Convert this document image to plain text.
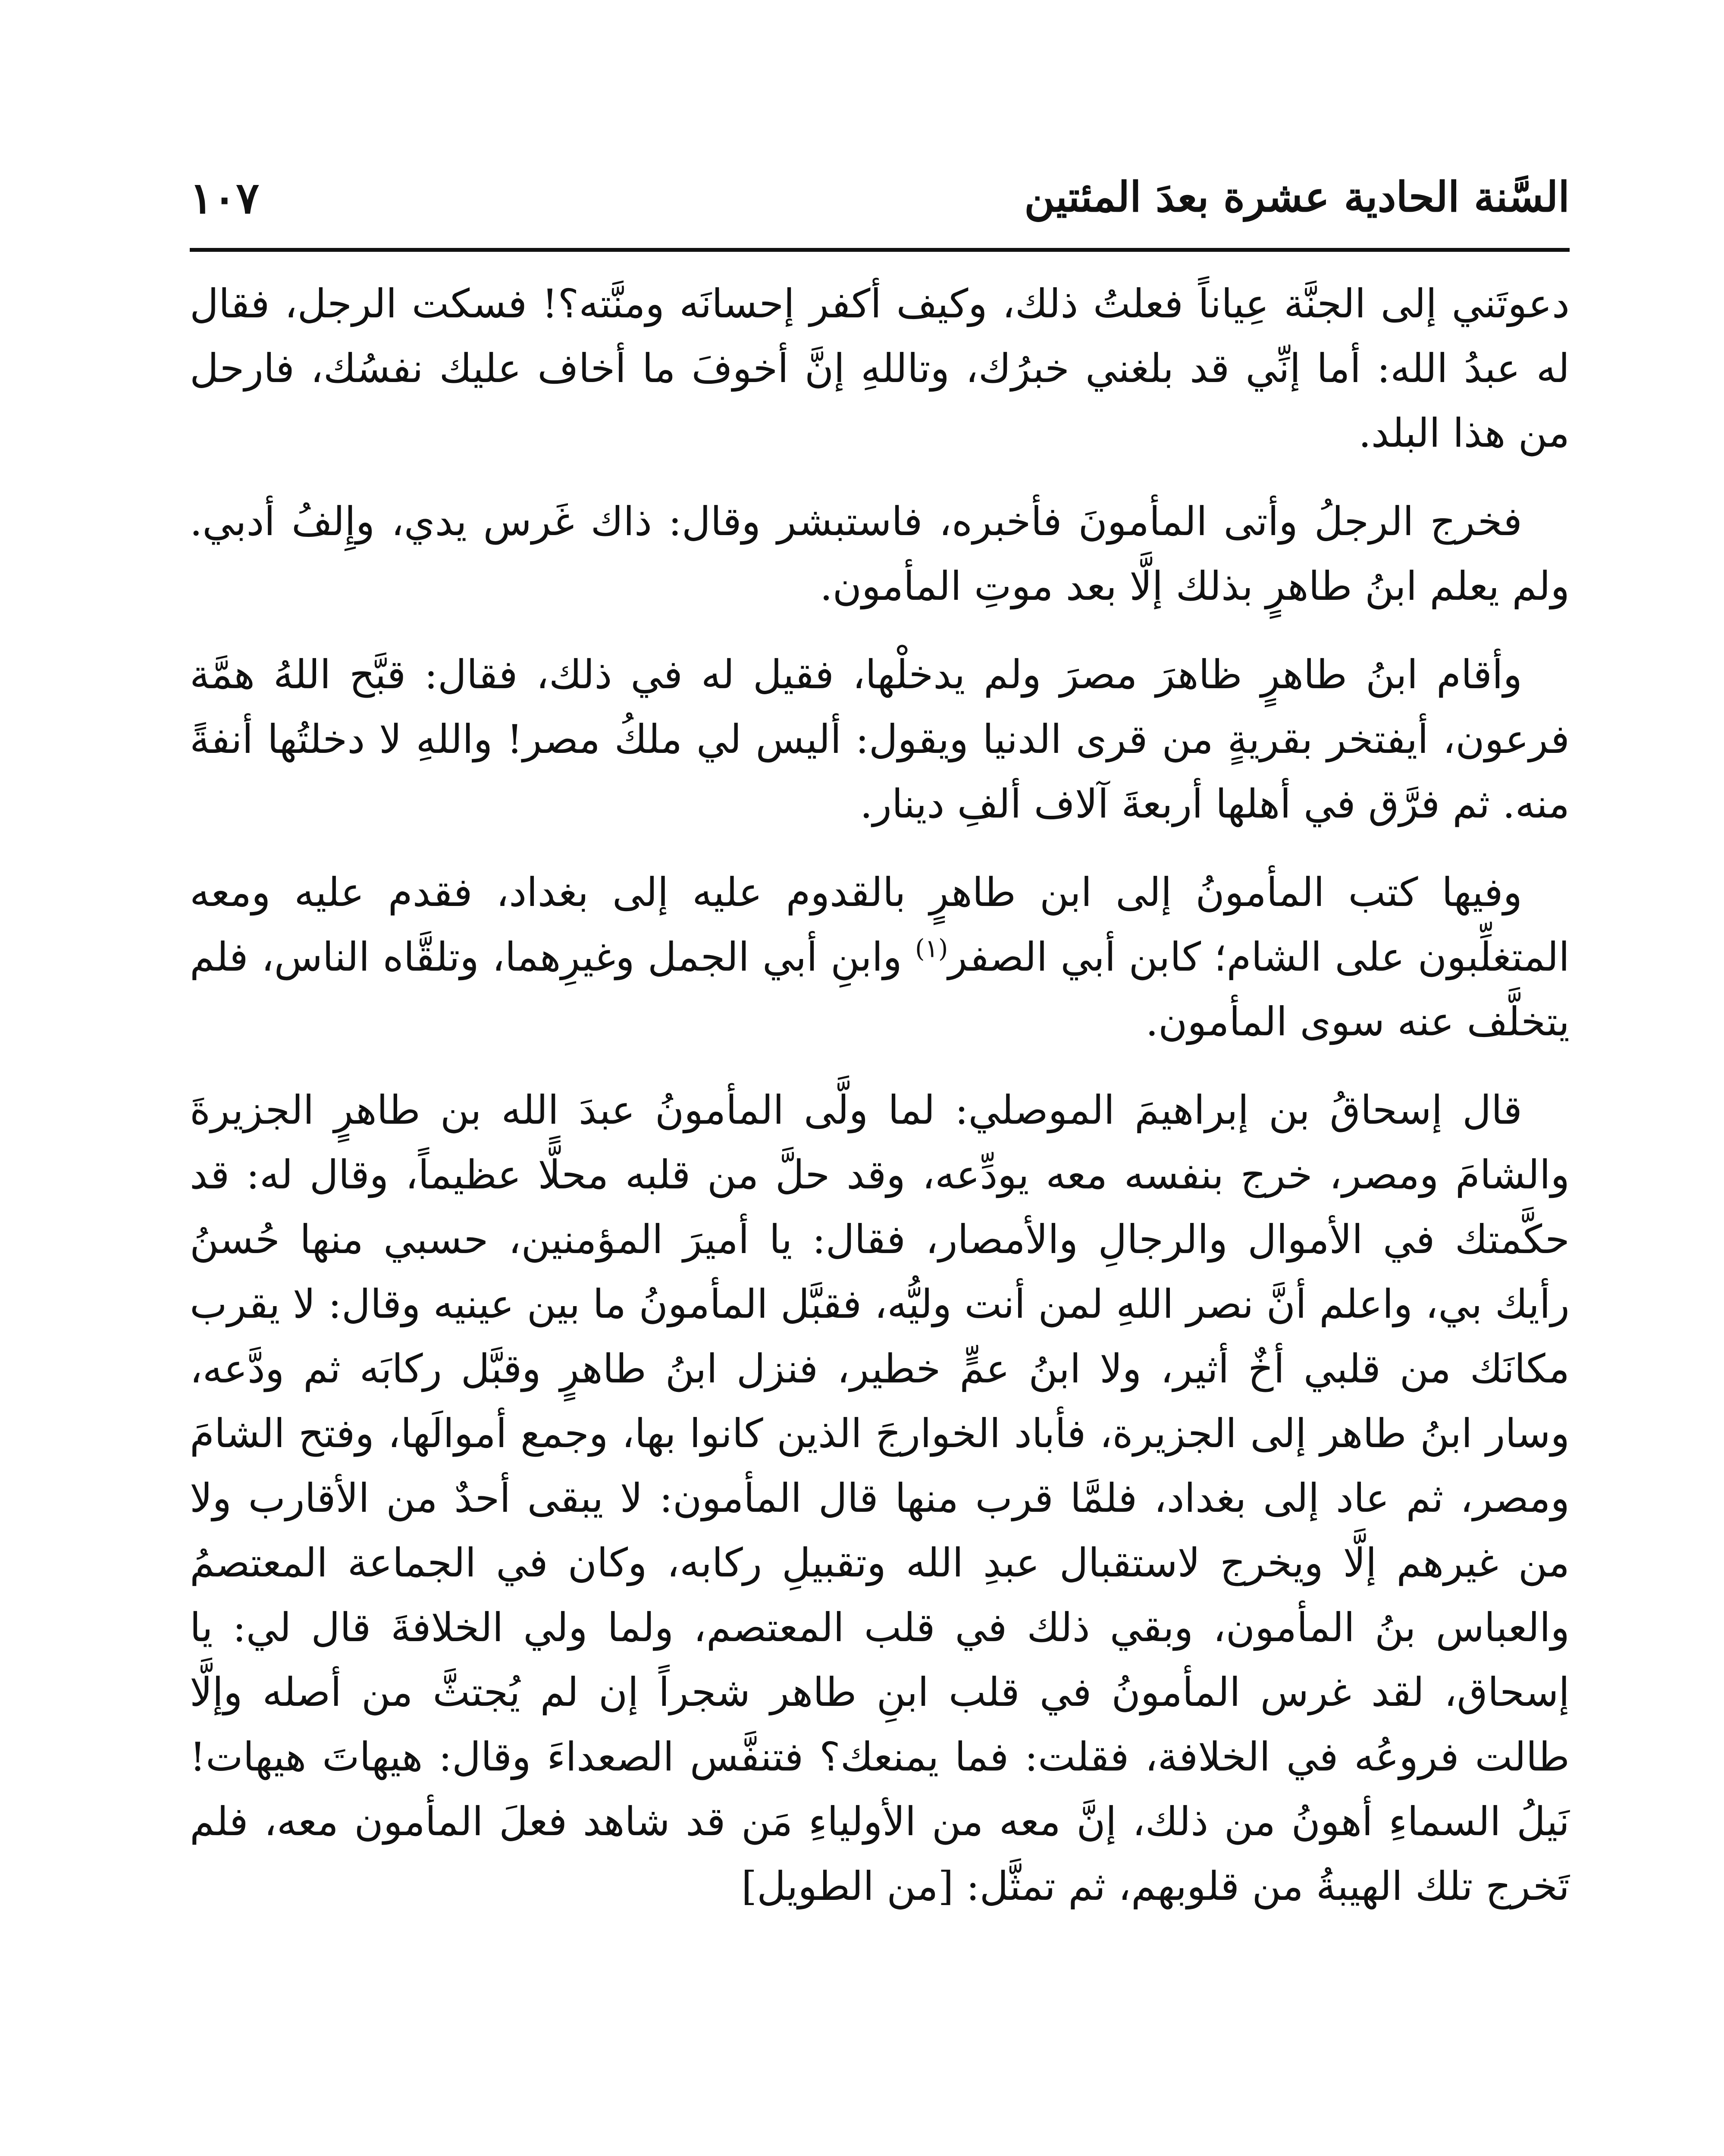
السَّنة الحادية عشرة بعدَ المئتين
١٠٧

دعوتَني إلى الجنَّة عِياناً فعلتُ ذلك، وكيف أكفر إحسانَه ومنَّته؟! فسكت الرجل، فقال له عبدُ الله: أما إنِّي قد بلغني خبرُك، وتاللهِ إنَّ أخوفَ ما أخاف عليك نفسُك، فارحل من هذا البلد.

فخرج الرجلُ وأتى المأمونَ فأخبره، فاستبشر وقال: ذاك غَرس يدي، وإِلفُ أدبي. ولم يعلم ابنُ طاهرٍ بذلك إلَّا بعد موتِ المأمون.

وأقام ابنُ طاهرٍ ظاهرَ مصرَ ولم يدخلْها، فقيل له في ذلك، فقال: قبَّح اللهُ همَّة فرعون، أيفتخر بقريةٍ من قرى الدنيا ويقول: أليس لي ملكُ مصر! واللهِ لا دخلتُها أنفةً منه. ثم فرَّق في أهلها أربعةَ آلاف ألفِ دينار.

وفيها كتب المأمونُ إلى ابن طاهرٍ بالقدوم عليه إلى بغداد، فقدم عليه ومعه المتغلِّبون على الشام؛ كابن أبي الصفر$^{(١)}$ وابنِ أبي الجمل وغيرِهما، وتلقَّاه الناس، فلم يتخلَّف عنه سوى المأمون.

قال إسحاقُ بن إبراهيمَ الموصلي: لما ولَّى المأمونُ عبدَ الله بن طاهرٍ الجزيرةَ والشامَ ومصر، خرج بنفسه معه يودِّعه، وقد حلَّ من قلبه محلًّا عظيماً، وقال له: قد حكَّمتك في الأموال والرجالِ والأمصار، فقال: يا أميرَ المؤمنين، حسبي منها حُسنُ رأيك بي، واعلم أنَّ نصر اللهِ لمن أنت وليُّه، فقبَّل المأمونُ ما بين عينيه وقال: لا يقرب مكانَك من قلبي أخٌ أثير، ولا ابنُ عمٍّ خطير، فنزل ابنُ طاهرٍ وقبَّل ركابَه ثم ودَّعه، وسار ابنُ طاهر إلى الجزيرة، فأباد الخوارجَ الذين كانوا بها، وجمع أموالَها، وفتح الشامَ ومصر، ثم عاد إلى بغداد، فلمَّا قرب منها قال المأمون: لا يبقى أحدٌ من الأقارب ولا من غيرهم إلَّا ويخرج لاستقبال عبدِ الله وتقبيلِ ركابه، وكان في الجماعة المعتصمُ والعباس بنُ المأمون، وبقي ذلك في قلب المعتصم، ولما ولي الخلافةَ قال لي: يا إسحاق، لقد غرس المأمونُ في قلب ابنِ طاهر شجراً إن لم يُجتثَّ من أصله وإلَّا طالت فروعُه في الخلافة، فقلت: فما يمنعك؟ فتنفَّس الصعداءَ وقال: هيهاتَ هيهات! نَيلُ السماءِ أهونُ من ذلك، إنَّ معه من الأولياءِ مَن قد شاهد فعلَ المأمون معه، فلم تَخرج تلك الهيبةُ من قلوبهم، ثم تمثَّل: [من الطويل]
